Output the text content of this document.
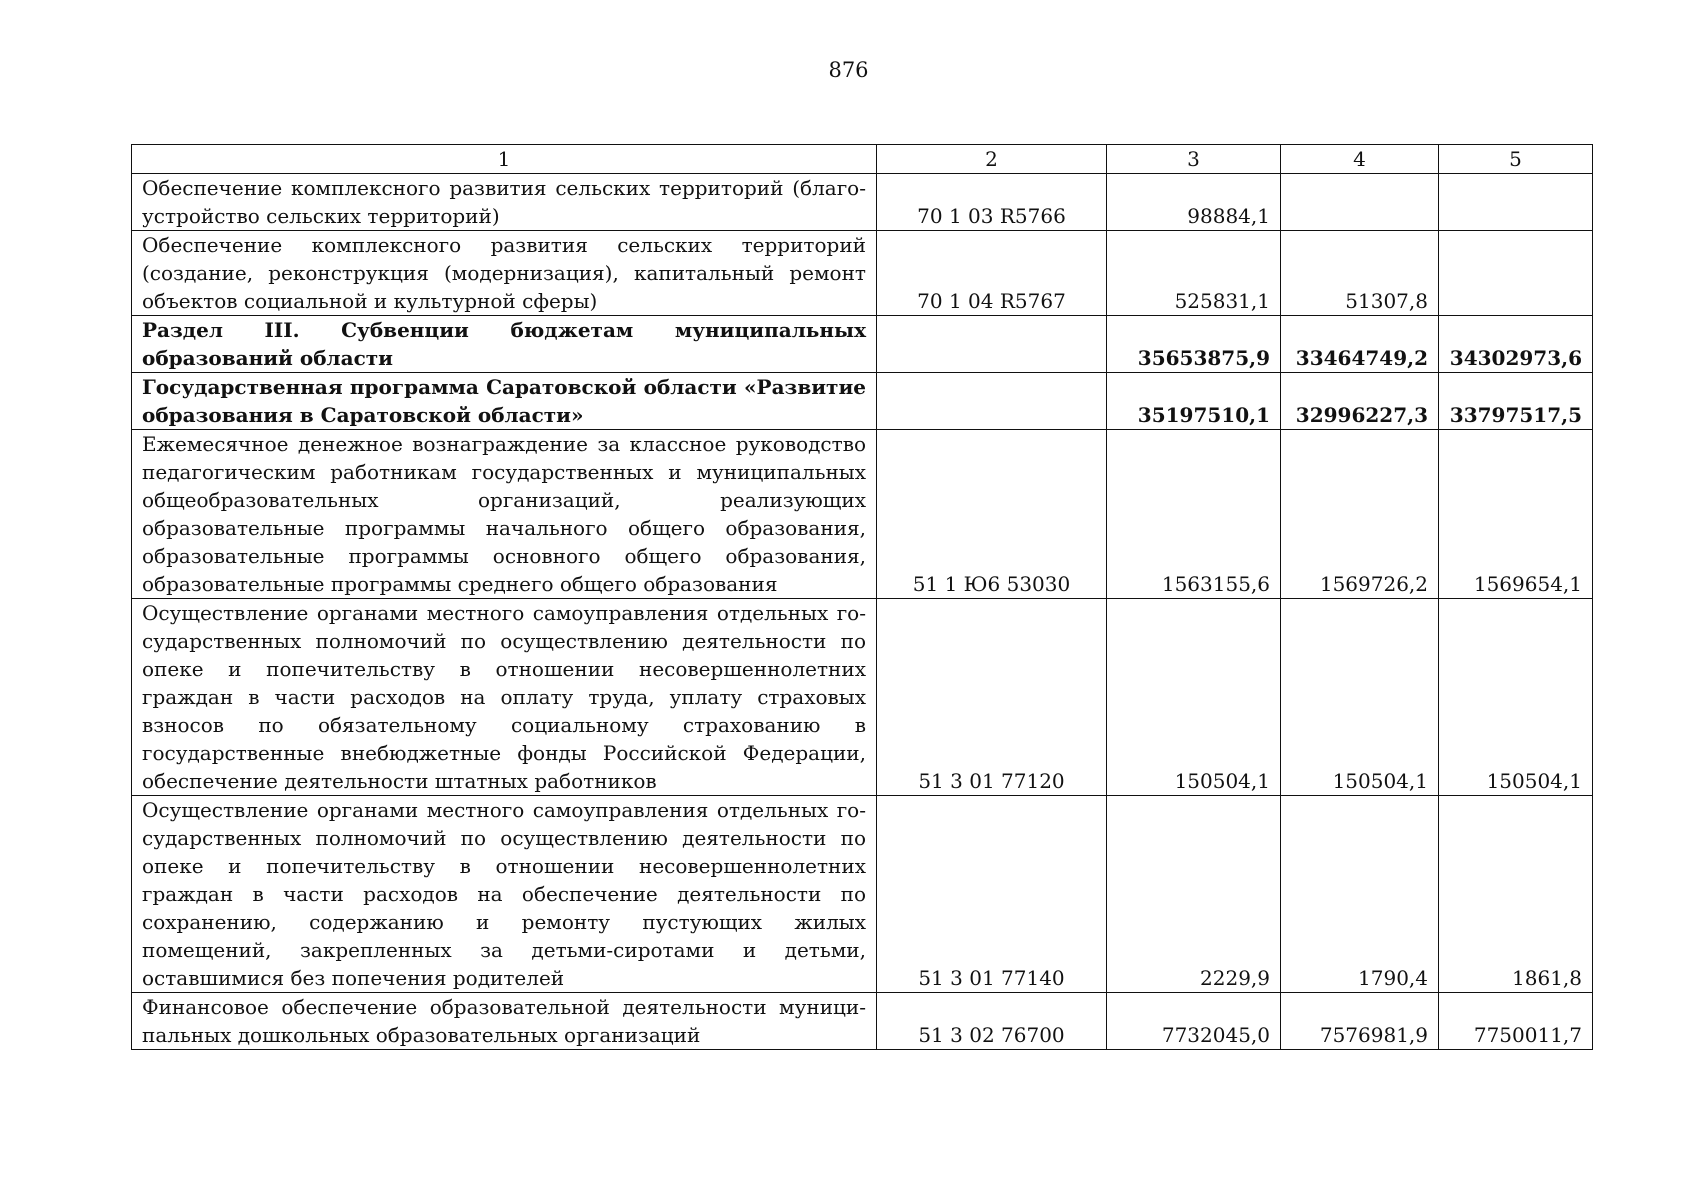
876
1	2	3	4	5
Обеспечение комплексного развития сельских территорий (благоустройство сельских территорий)	70 1 03 R5766	98884,1		
Обеспечение комплексного развития сельских территорий (создание, реконструкция (модернизация), капитальный ремонт объектов социальной и культурной сферы)	70 1 04 R5767	525831,1	51307,8	
Раздел III. Субвенции бюджетам муниципальных образований области		35653875,9	33464749,2	34302973,6
Государственная программа Саратовской области «Развитие образования в Саратовской области»		35197510,1	32996227,3	33797517,5
Ежемесячное денежное вознаграждение за классное руководство педагогическим работникам государственных и муниципальных общеобразовательных организаций, реализующих образовательные программы начального общего образования, образовательные программы основного общего образования, образовательные программы среднего общего образования	51 1 Ю6 53030	1563155,6	1569726,2	1569654,1
Осуществление органами местного самоуправления отдельных государственных полномочий по осуществлению деятельности по опеке и попечительству в отношении несовершеннолетних граждан в части расходов на оплату труда, уплату страховых взносов по обязательному социальному страхованию в государственные внебюджетные фонды Российской Федерации, обеспечение деятельности штатных работников	51 3 01 77120	150504,1	150504,1	150504,1
Осуществление органами местного самоуправления отдельных государственных полномочий по осуществлению деятельности по опеке и попечительству в отношении несовершеннолетних граждан в части расходов на обеспечение деятельности по сохранению, содержанию и ремонту пустующих жилых помещений, закрепленных за детьми-сиротами и детьми, оставшимися без попечения родителей	51 3 01 77140	2229,9	1790,4	1861,8
Финансовое обеспечение образовательной деятельности муниципальных дошкольных образовательных организаций	51 3 02 76700	7732045,0	7576981,9	7750011,7
